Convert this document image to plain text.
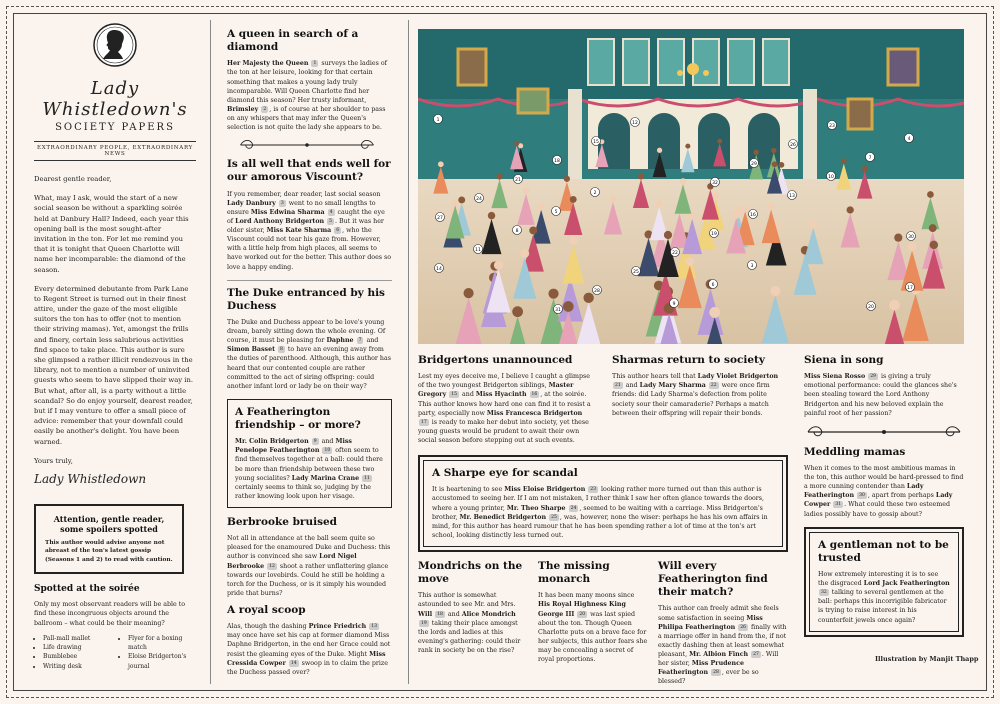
Lady Whistledown's
SOCIETY PAPERS
EXTRAORDINARY PEOPLE, EXTRAORDINARY NEWS

Dearest gentle reader,

What, may I ask, would the start of a new social season be without a sparkling soirée held at Danbury Hall? Indeed, each year this opening ball is the most sought-after invitation in the ton. For let me remind you that it is tonight that Queen Charlotte will name her incomparable: the diamond of the season.

Every determined debutante from Park Lane to Regent Street is turned out in their finest attire, under the gaze of the most eligible suitors the ton has to offer (not to mention their striving mamas). Yet, amongst the frills and finery, certain less salubrious activities find space to take place. This author is sure she glimpsed a rather illicit rendezvous in the library, not to mention a number of uninvited guests who seem to have slipped their way in. But what, after all, is a party without a little scandal? So do enjoy yourself, dearest reader, but if I may venture to offer a small piece of advice: remember that your downfall could easily be another's delight. You have been warned.

Yours truly,

Lady Whistledown
Attention, gentle reader, some spoilers spotted

This author would advise anyone not abreast of the ton's latest gossip (Seasons 1 and 2) to read with caution.

Spotted at the soirée

Only my most observant readers will be able to find these incongruous objects around the ballroom – what could be their meaning?

• Pall-mall mallet
• Life drawing
• Bumblebee
• Writing desk
• Flyer for a boxing match
• Eloise Bridgerton's journal
A queen in search of a diamond

Her Majesty the Queen 1 surveys the ladies of the ton at her leisure, looking for that certain something that makes a young lady truly incomparable. Will Queen Charlotte find her diamond this season? Her trusty informant, Brimsley 2 , is of course at her shoulder to pass on any whispers that may infer the Queen's selection is not quite the lady she appears to be.

Is all well that ends well for our amorous Viscount?

If you remember, dear reader, last social season Lady Danbury 3 went to no small lengths to ensure Miss Edwina Sharma 4 caught the eye of Lord Anthony Bridgerton 5 . But it was her older sister, Miss Kate Sharma 6 , who the Viscount could not tear his gaze from. However, with a little help from high places, all seems to have worked out for the better. This author does so love a happy ending.

The Duke entranced by his Duchess

The Duke and Duchess appear to be love's young dream, barely sitting down the whole evening. Of course, it must be pleasing for Daphne 7 and Simon Basset 8 to have an evening away from the duties of parenthood. Although, this author has heard that our contented couple are rather committed to the act of siring offspring: could another infant lord or lady be on their way?

A Featherington friendship – or more?

Mr. Colin Bridgerton 9 and Miss Penelope Featherington 10 often seem to find themselves together at a ball: could there be more than friendship between these two young socialites? Lady Marina Crane 11 certainly seems to think so, judging by the rather knowing look upon her visage.

Berbrooke bruised

Not all in attendance at the ball seem quite so pleased for the enamoured Duke and Duchess: this author is convinced she saw Lord Nigel Berbrooke 12 shoot a rather unflattering glance towards our lovebirds. Could he still be holding a torch for the Duchess, or is it simply his wounded pride that burns?

A royal scoop

Alas, though the dashing Prince Friedrich 13 may once have set his cap at former diamond Miss Daphne Bridgerton, in the end her Grace could not resist the gleaming eyes of the Duke. Might Miss Cressida Cowper 14 swoop in to claim the prize the Duchess passed over?

1
2
3
4
5
6
7
8
9
10
11
12
13
14
15
16
17
18
19
20
21
22
23
24
25
26
27
28
29
30
31
32
Bridgertons unannounced

Lest my eyes deceive me, I believe I caught a glimpse of the two youngest Bridgerton siblings, Master Gregory 15 and Miss Hyacinth 16 , at the soirée. This author knows how hard one can find it to resist a party, especially now Miss Francesca Bridgerton 17 is ready to make her debut into society, yet these young guests would be prudent to await their own social season before stepping out at such events.

Sharmas return to society

This author hears tell that Lady Violet Bridgerton 21 and Lady Mary Sharma 22 were once firm friends: did Lady Sharma's defection from polite society sour their camaraderie? Perhaps a match between their offspring will repair their bonds.

A Sharpe eye for scandal

It is heartening to see Miss Eloise Bridgerton 23 looking rather more turned out than this author is accustomed to seeing her. If I am not mistaken, I rather think I saw her often glance towards the doors, where a young printer, Mr. Theo Sharpe 24 , seemed to be waiting with a carriage. Miss Bridgerton's brother, Mr. Benedict Bridgerton 25 , was, however, none the wiser: perhaps he has his own affairs in mind, for this author has heard rumour that he has been spending rather a lot of time at the ton's art school, looking distinctly less turned out.

Mondrichs on the move

This author is somewhat astounded to see Mr. and Mrs. Will 18 and Alice Mondrich 19 taking their place amongst the lords and ladies at this evening's gathering: could their rank in society be on the rise?

The missing monarch

It has been many moons since His Royal Highness King George III 20 was last spied about the ton. Though Queen Charlotte puts on a brave face for her subjects, this author fears she may be concealing a secret of royal proportions.

Will every Featherington find their match?

This author can freely admit she feels some satisfaction in seeing Miss Philipa Featherington 26 finally with a marriage offer in hand from the, if not exactly dashing then at least somewhat pleasant, Mr. Albion Finch 27 . Will her sister, Miss Prudence Featherington 28 , ever be so blessed?

Siena in song

Miss Siena Rosso 29 is giving a truly emotional performance: could the glances she's been stealing toward the Lord Anthony Bridgerton and his new beloved explain the painful root of her passion?

Meddling mamas

When it comes to the most ambitious mamas in the ton, this author would be hard-pressed to find a more cunning contender than Lady Featherington 30 , apart from perhaps Lady Cowper 31 . What could these two esteemed ladies possibly have to gossip about?

A gentleman not to be trusted

How extremely interesting it is to see the disgraced Lord Jack Featherington 32 talking to several gentlemen at the ball: perhaps this incorrigible fabricator is trying to raise interest in his counterfeit jewels once again?

Illustration by Manjit Thapp
